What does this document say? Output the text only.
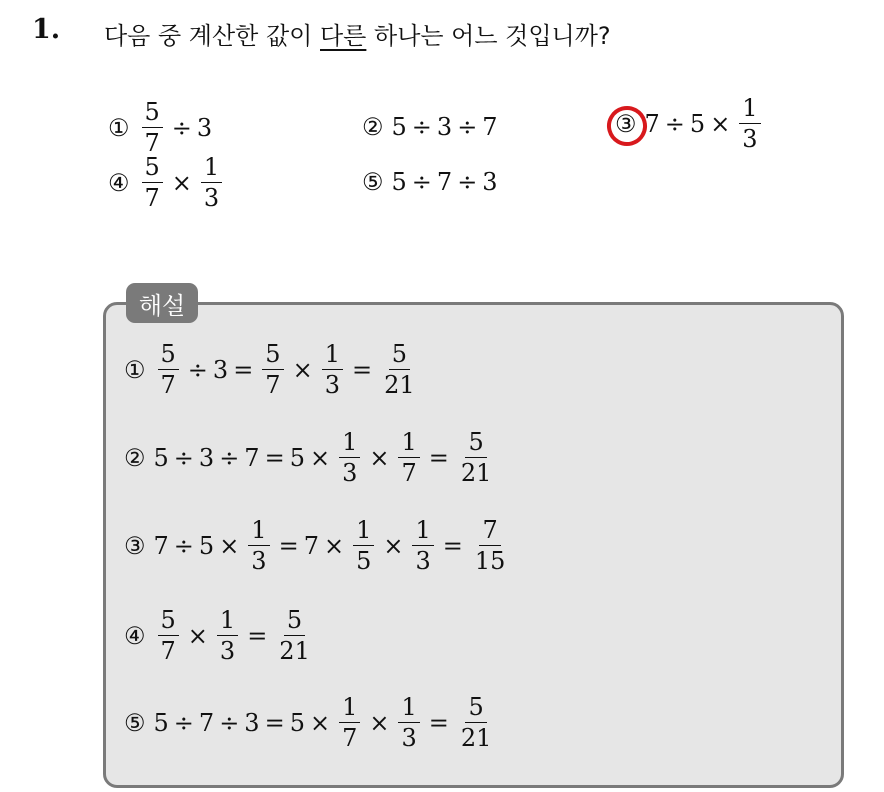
1. 다음 중 계산한 값이 다른 하나는 어느 것입니까?
① $\frac{5}{7} \div 3$	② 5 ÷ 3 ÷ 7	③ $7 \div 5 \times \frac{1}{3}$
④ $\frac{5}{7} \times \frac{1}{3}$	⑤ 5 ÷ 7 ÷ 3
해설
① $\frac{5}{7} \div 3 = \frac{5}{7} \times \frac{1}{3} = \frac{5}{21}$
② $5 \div 3 \div 7 = 5 \times \frac{1}{3} \times \frac{1}{7} = \frac{5}{21}$
③ $7 \div 5 \times \frac{1}{3} = 7 \times \frac{1}{5} \times \frac{1}{3} = \frac{7}{15}$
④ $\frac{5}{7} \times \frac{1}{3} = \frac{5}{21}$
⑤ $5 \div 7 \div 3 = 5 \times \frac{1}{7} \times \frac{1}{3} = \frac{5}{21}$
